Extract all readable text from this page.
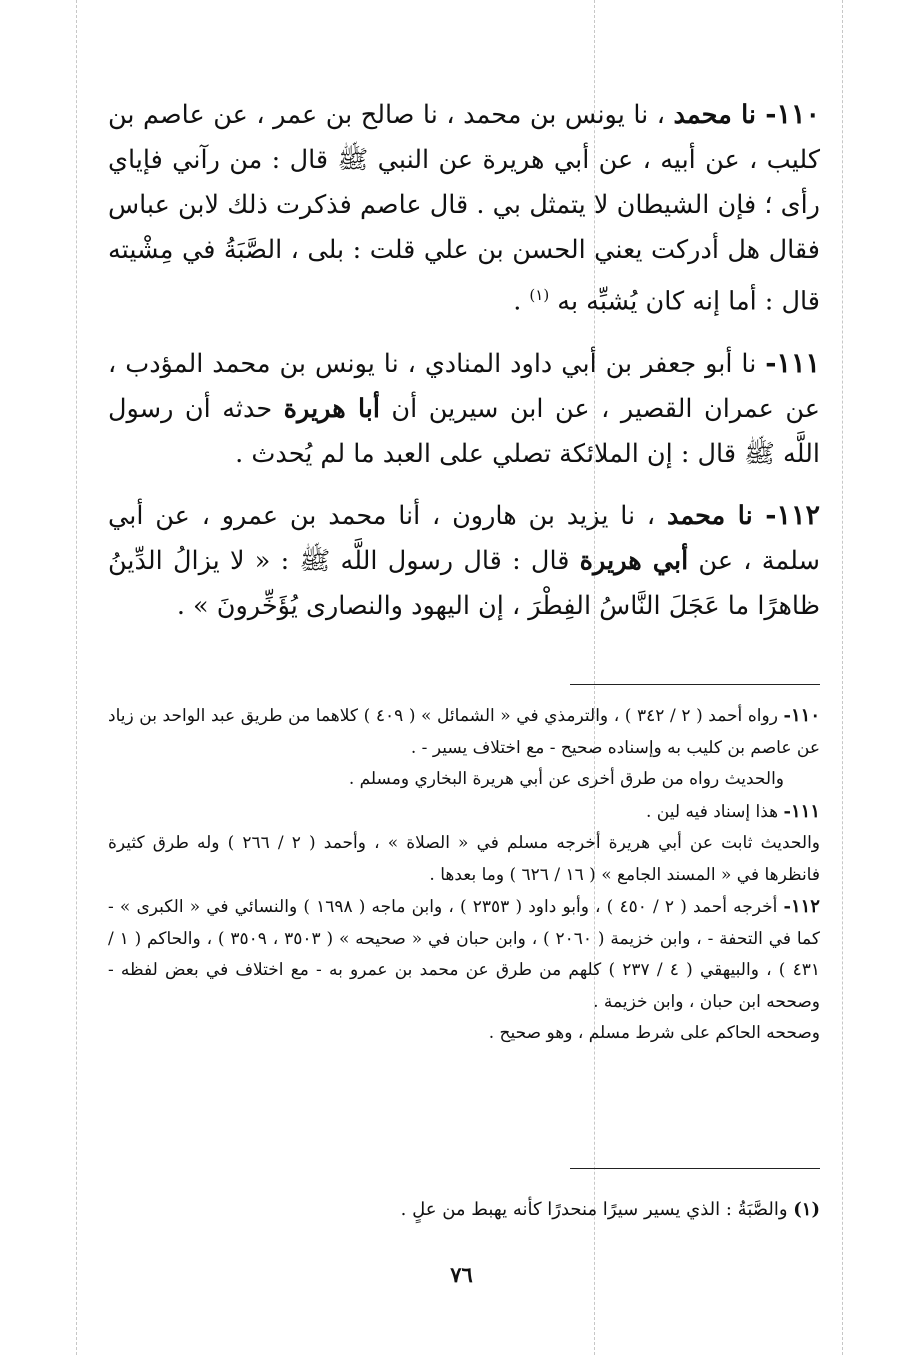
١١٠- نا محمد ، نا يونس بن محمد ، نا صالح بن عمر ، عن عاصم بن كليب ، عن أبيه ، عن أبي هريرة عن النبي ﷺ قال : من رآني فإياي رأى ؛ فإن الشيطان لا يتمثل بي . قال عاصم فذكرت ذلك لابن عباس فقال هل أدركت يعني الحسن بن علي قلت : بلى ، الصَّبَةُ في مِشْيته قال : أما إنه كان يُشبِّه به $^{(١)}$ .

١١١- نا أبو جعفر بن أبي داود المنادي ، نا يونس بن محمد المؤدب ، عن عمران القصير ، عن ابن سيرين أن أبا هريرة حدثه أن رسول اللَّه ﷺ قال : إن الملائكة تصلي على العبد ما لم يُحدث .

١١٢- نا محمد ، نا يزيد بن هارون ، أنا محمد بن عمرو ، عن أبي سلمة ، عن أبي هريرة قال : قال رسول اللَّه ﷺ : « لا يزالُ الدِّينُ ظاهرًا ما عَجَلَ النَّاسُ الفِطْرَ ، إن اليهود والنصارى يُؤَخِّرونَ » .

١١٠- رواه أحمد ( ٢ / ٣٤٢ ) ، والترمذي في « الشمائل » ( ٤٠٩ ) كلاهما من طريق عبد الواحد بن زياد عن عاصم بن كليب به وإسناده صحيح - مع اختلاف يسير - .

والحديث رواه من طرق أخرى عن أبي هريرة البخاري ومسلم .

١١١- هذا إسناد فيه لين .

والحديث ثابت عن أبي هريرة أخرجه مسلم في « الصلاة » ، وأحمد ( ٢ / ٢٦٦ ) وله طرق كثيرة فانظرها في « المسند الجامع » ( ١٦ / ٦٢٦ ) وما بعدها .

١١٢- أخرجه أحمد ( ٢ / ٤٥٠ ) ، وأبو داود ( ٢٣٥٣ ) ، وابن ماجه ( ١٦٩٨ ) والنسائي في « الكبرى » - كما في التحفة - ، وابن خزيمة ( ٢٠٦٠ ) ، وابن حبان في « صحيحه » ( ٣٥٠٣ ، ٣٥٠٩ ) ، والحاكم ( ١ / ٤٣١ ) ، والبيهقي ( ٤ / ٢٣٧ ) كلهم من طرق عن محمد بن عمرو به - مع اختلاف في بعض لفظه - وصححه ابن حبان ، وابن خزيمة .

وصححه الحاكم على شرط مسلم ، وهو صحيح .

(١) والصَّبَةُ : الذي يسير سيرًا منحدرًا كأنه يهبط من علٍ .
٧٦
